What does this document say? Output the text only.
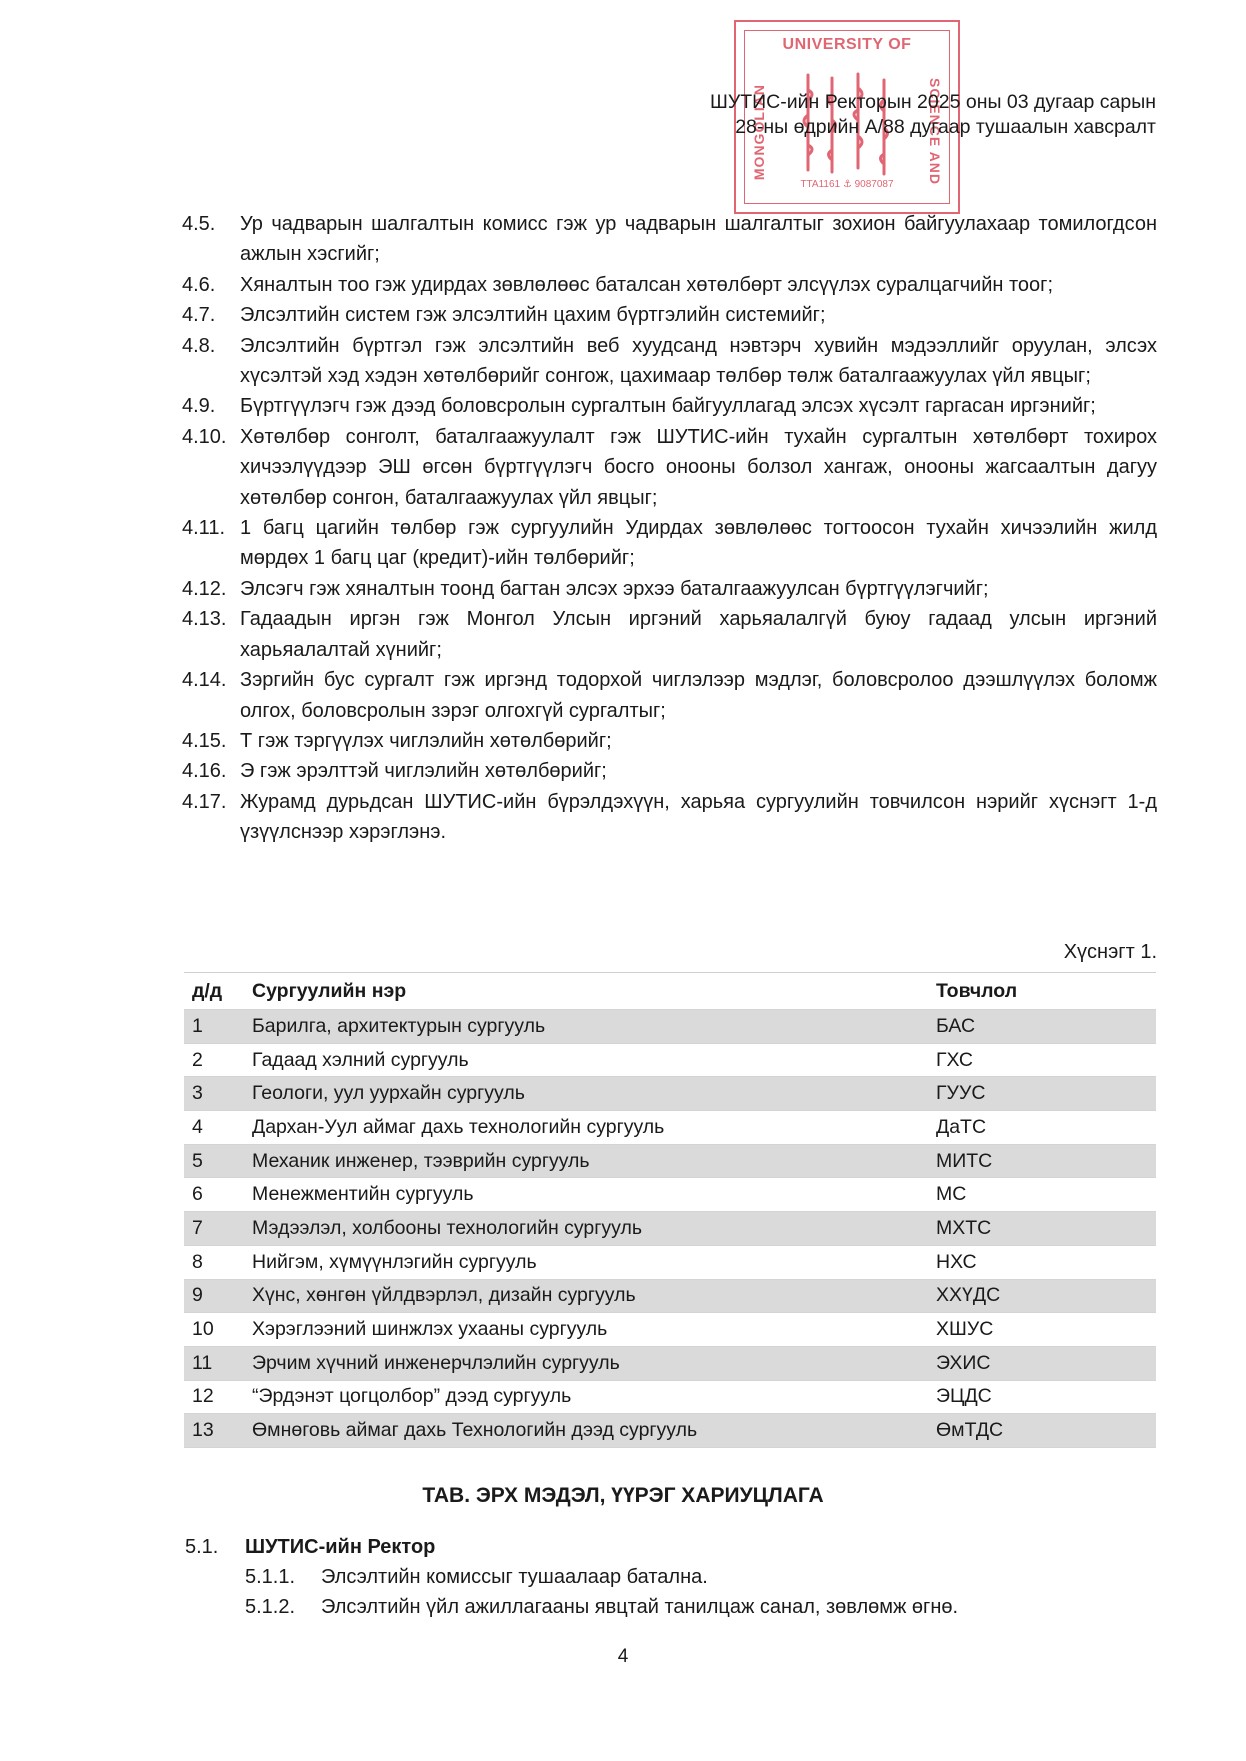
UNIVERSITY OF
MONGOLIAN	SCIENCE AND
TTA1161 ⚓ 9087087
ШУТИС-ийн Ректорын 2025 оны 03 дугаар сарын
28-ны өдрийн А/88 дугаар тушаалын хавсралт
4.5.	Ур чадварын шалгалтын комисс гэж ур чадварын шалгалтыг зохион байгуулахаар томилогдсон ажлын хэсгийг;
4.6.	Хяналтын тоо гэж удирдах зөвлөлөөс баталсан хөтөлбөрт элсүүлэх суралцагчийн тоог;
4.7.	Элсэлтийн систем гэж элсэлтийн цахим бүртгэлийн системийг;
4.8.	Элсэлтийн бүртгэл гэж элсэлтийн веб хуудсанд нэвтэрч хувийн мэдээллийг оруулан, элсэх хүсэлтэй хэд хэдэн хөтөлбөрийг сонгож, цахимаар төлбөр төлж баталгаажуулах үйл явцыг;
4.9.	Бүртгүүлэгч гэж дээд боловсролын сургалтын байгууллагад элсэх хүсэлт гаргасан иргэнийг;
4.10. Хөтөлбөр сонголт, баталгаажуулалт гэж ШУТИС-ийн тухайн сургалтын хөтөлбөрт тохирох хичээлүүдээр ЭШ өгсөн бүртгүүлэгч босго онооны болзол хангаж, онооны жагсаалтын дагуу хөтөлбөр сонгон, баталгаажуулах үйл явцыг;
4.11. 1 багц цагийн төлбөр гэж сургуулийн Удирдах зөвлөлөөс тогтоосон тухайн хичээлийн жилд мөрдөх 1 багц цаг (кредит)-ийн төлбөрийг;
4.12. Элсэгч гэж хяналтын тоонд багтан элсэх эрхээ баталгаажуулсан бүртгүүлэгчийг;
4.13. Гадаадын иргэн гэж Монгол Улсын иргэний харьяалалгүй буюу гадаад улсын иргэний харьяалалтай хүнийг;
4.14. Зэргийн бус сургалт гэж иргэнд тодорхой чиглэлээр мэдлэг, боловсролоо дээшлүүлэх боломж олгох, боловсролын зэрэг олгохгүй сургалтыг;
4.15. Т гэж тэргүүлэх чиглэлийн хөтөлбөрийг;
4.16. Э гэж эрэлттэй чиглэлийн хөтөлбөрийг;
4.17. Журамд дурьдсан ШУТИС-ийн бүрэлдэхүүн, харьяа сургуулийн товчилсон нэрийг хүснэгт 1-д үзүүлснээр хэрэглэнэ.
Хүснэгт 1.
д/д	Сургуулийн нэр	Товчлол
1	Барилга, архитектурын сургууль	БАС
2	Гадаад хэлний сургууль	ГХС
3	Геологи, уул уурхайн сургууль	ГУУС
4	Дархан-Уул аймаг дахь технологийн сургууль	ДаТС
5	Механик инженер, тээврийн сургууль	МИТС
6	Менежментийн сургууль	МС
7	Мэдээлэл, холбооны технологийн сургууль	МХТС
8	Нийгэм, хүмүүнлэгийн сургууль	НХС
9	Хүнс, хөнгөн үйлдвэрлэл, дизайн сургууль	ХХҮДС
10	Хэрэглээний шинжлэх ухааны сургууль	ХШУС
11	Эрчим хүчний инженерчлэлийн сургууль	ЭХИС
12	“Эрдэнэт цогцолбор” дээд сургууль	ЭЦДС
13	Өмнөговь аймаг дахь Технологийн дээд сургууль	ӨмТДС
ТАВ. ЭРХ МЭДЭЛ, ҮҮРЭГ ХАРИУЦЛАГА
5.1.	ШУТИС-ийн Ректор
5.1.1.	Элсэлтийн комиссыг тушаалаар батална.
5.1.2.	Элсэлтийн үйл ажиллагааны явцтай танилцаж санал, зөвлөмж өгнө.
4
